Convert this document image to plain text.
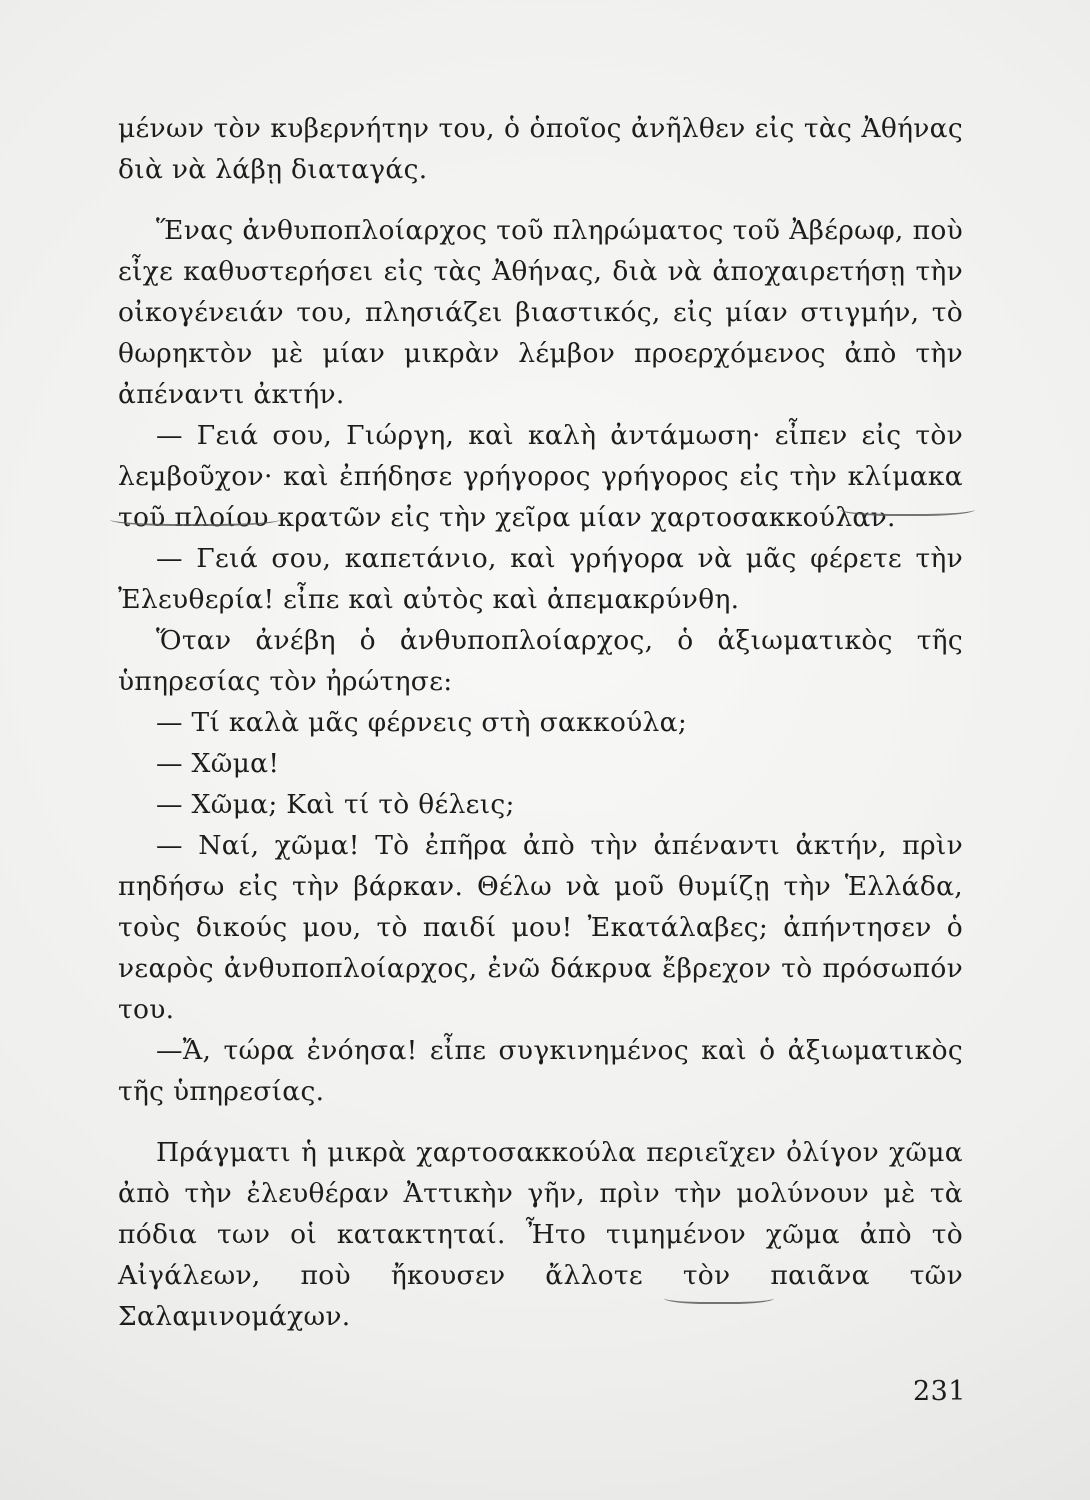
μένων τὸν κυβερνήτην του, ὁ ὁποῖος ἀνῆλθεν εἰς τὰς Ἀθήνας διὰ νὰ λάβῃ διαταγάς.

Ἕνας ἀνθυποπλοίαρχος τοῦ πληρώματος τοῦ Ἀβέρωφ, ποὺ εἶχε καθυστερήσει εἰς τὰς Ἀθήνας, διὰ νὰ ἀποχαιρετήσῃ τὴν οἰκογένειάν του, πλησιάζει βιαστικός, εἰς μίαν στιγμήν, τὸ θωρηκτὸν μὲ μίαν μικρὰν λέμβον προερχόμενος ἀπὸ τὴν ἀπέναντι ἀκτήν.

— Γειά σου, Γιώργη, καὶ καλὴ ἀντάμωση· εἶπεν εἰς τὸν λεμβοῦχον· καὶ ἐπήδησε γρήγορος γρήγορος εἰς τὴν κλίμακα τοῦ πλοίου κρατῶν εἰς τὴν χεῖρα μίαν χαρτοσακκούλαν.

— Γειά σου, καπετάνιο, καὶ γρήγορα νὰ μᾶς φέρετε τὴν Ἐλευθερία! εἶπε καὶ αὐτὸς καὶ ἀπεμακρύνθη.

Ὅταν ἀνέβη ὁ ἀνθυποπλοίαρχος, ὁ ἀξιωματικὸς τῆς ὑπηρεσίας τὸν ἠρώτησε:

— Τί καλὰ μᾶς φέρνεις στὴ σακκούλα;

— Χῶμα!

— Χῶμα; Καὶ τί τὸ θέλεις;

— Ναί, χῶμα! Τὸ ἐπῆρα ἀπὸ τὴν ἀπέναντι ἀκτήν, πρὶν πηδήσω εἰς τὴν βάρκαν. Θέλω νὰ μοῦ θυμίζῃ τὴν Ἑλλάδα, τοὺς δικούς μου, τὸ παιδί μου! Ἐκατάλαβες; ἀπήντησεν ὁ νεαρὸς ἀνθυποπλοίαρχος, ἐνῶ δάκρυα ἔβρεχον τὸ πρόσωπόν του.

—Ἄ, τώρα ἐνόησα! εἶπε συγκινημένος καὶ ὁ ἀξιωματικὸς τῆς ὑπηρεσίας.

Πράγματι ἡ μικρὰ χαρτοσακκούλα περιεῖχεν ὀλίγον χῶμα ἀπὸ τὴν ἐλευθέραν Ἀττικὴν γῆν, πρὶν τὴν μολύνουν μὲ τὰ πόδια των οἱ κατακτηταί. Ἦτο τιμημένον χῶμα ἀπὸ τὸ Αἰγάλεων, ποὺ ἤκουσεν ἄλλοτε τὸν παιᾶνα τῶν Σαλαμινομάχων.

231
